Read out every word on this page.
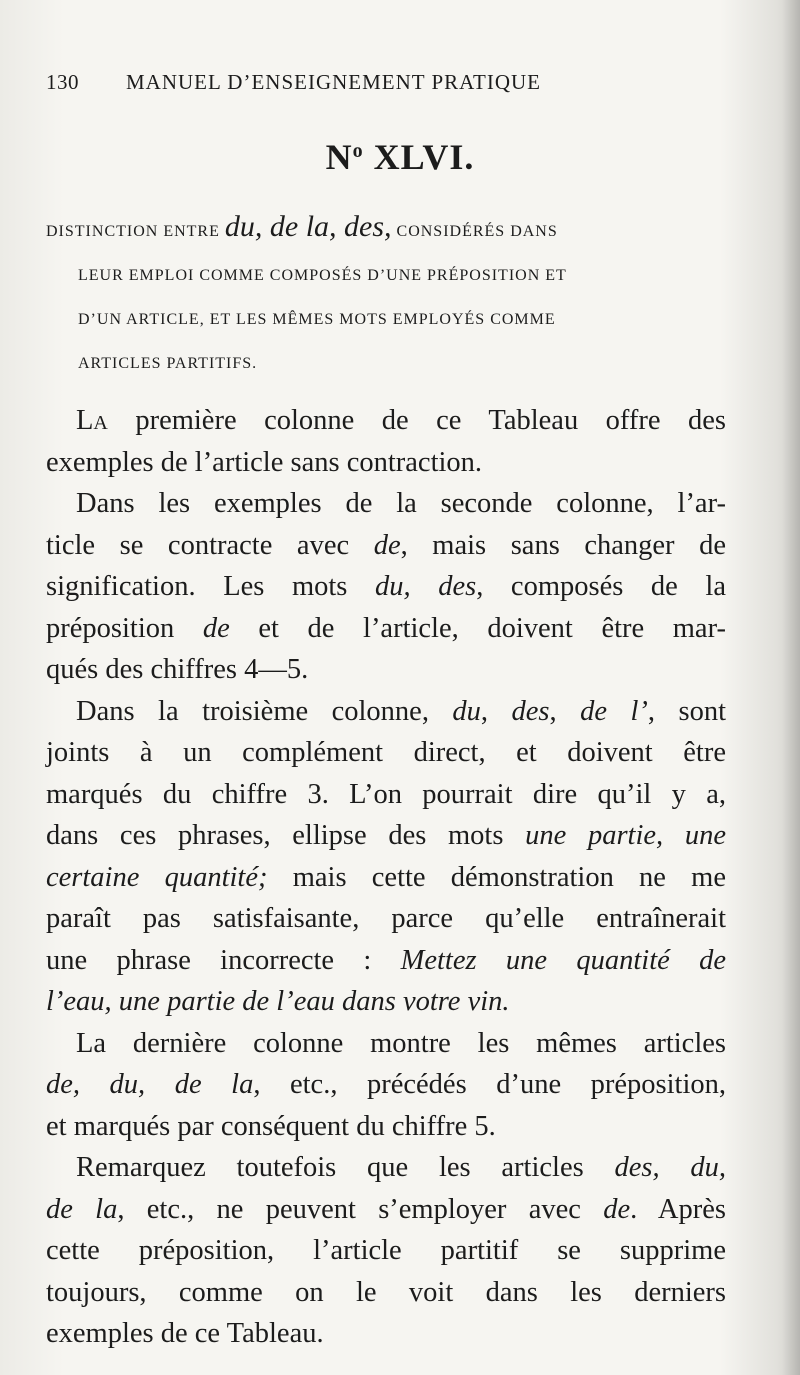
130 MANUEL D’ENSEIGNEMENT PRATIQUE
$N^o$ XLVI.
DISTINCTION ENTRE du, de la, des, CONSIDÉRÉS DANS
LEUR EMPLOI COMME COMPOSÉS D’UNE PRÉPOSITION ET
D’UN ARTICLE, ET LES MÊMES MOTS EMPLOYÉS COMME
ARTICLES PARTITIFS.

La première colonne de ce Tableau offre des
exemples de l’article sans contraction.

Dans les exemples de la seconde colonne, l’ar-
ticle se contracte avec de, mais sans changer de
signification. Les mots du, des, composés de la
préposition de et de l’article, doivent être mar-
qués des chiffres 4—5.

Dans la troisième colonne, du, des, de l’, sont
joints à un complément direct, et doivent être
marqués du chiffre 3. L’on pourrait dire qu’il y a,
dans ces phrases, ellipse des mots une partie, une
certaine quantité; mais cette démonstration ne me
paraît pas satisfaisante, parce qu’elle entraînerait
une phrase incorrecte : Mettez une quantité de
l’eau, une partie de l’eau dans votre vin.

La dernière colonne montre les mêmes articles
de, du, de la, etc., précédés d’une préposition,
et marqués par conséquent du chiffre 5.

Remarquez toutefois que les articles des, du,
de la, etc., ne peuvent s’employer avec de. Après
cette préposition, l’article partitif se supprime
toujours, comme on le voit dans les derniers
exemples de ce Tableau.
